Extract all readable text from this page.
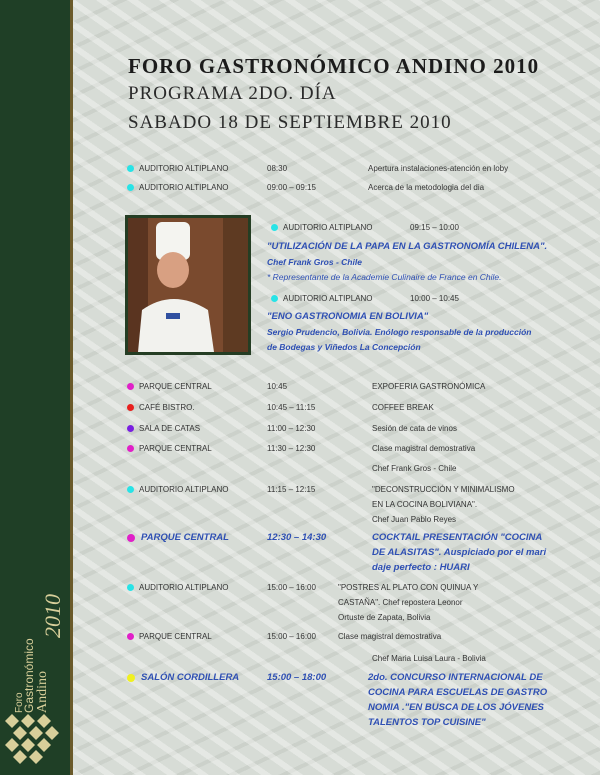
Foro
Gastronómico Andino
2010
FORO GASTRONÓMICO ANDINO 2010
PROGRAMA 2DO. DÍA
SABADO 18 DE SEPTIEMBRE 2010
AUDITORIO ALTIPLANO	08:30	Apertura instalaciones-atención en loby
AUDITORIO ALTIPLANO	09:00 – 09:15	Acerca de la metodologia del dia
AUDITORIO ALTIPLANO	09:15 – 10:00
"UTILIZACIÓN DE LA PAPA EN LA GASTRONOMÍA CHILENA".
Chef Frank Gros - Chile
* Representante de la Academie Culinaire de France en Chile.
AUDITORIO ALTIPLANO	10:00 – 10:45
"ENO GASTRONOMIA EN BOLIVIA"
Sergio Prudencio, Bolivia. Enólogo responsable de la producción
de Bodegas y Viñedos La Concepción
PARQUE CENTRAL	10:45	EXPOFERIA GASTRONÓMICA
CAFÉ BISTRO.	10:45 – 11:15	COFFEE BREAK
SALA DE CATAS	11:00 – 12:30	Sesión de cata de vinos
PARQUE CENTRAL	11:30 – 12:30	Clase magistral demostrativa
Chef Frank Gros - Chile
AUDITORIO ALTIPLANO	11:15 – 12:15	"DECONSTRUCCIÓN Y MINIMALISMO
EN LA COCINA BOLIVIANA".
Chef Juan Pablo Reyes
PARQUE CENTRAL	12:30 – 14:30	COCKTAIL PRESENTACIÓN "COCINA
DE ALASITAS". Auspiciado por el mari
daje perfecto : HUARI
AUDITORIO ALTIPLANO	15:00 – 16:00	"POSTRES AL PLATO CON QUINUA Y
CASTAÑA". Chef repostera Leonor
Ortuste de Zapata, Bolivia
PARQUE CENTRAL	15:00 – 16:00	Clase magistral demostrativa
Chef Maria Luisa Laura - Bolivia
SALÓN CORDILLERA	15:00 – 18:00	2do. CONCURSO INTERNACIONAL DE
COCINA PARA ESCUELAS DE GASTRO
NOMIA ."EN BUSCA DE LOS JÓVENES
TALENTOS TOP CUISINE"
